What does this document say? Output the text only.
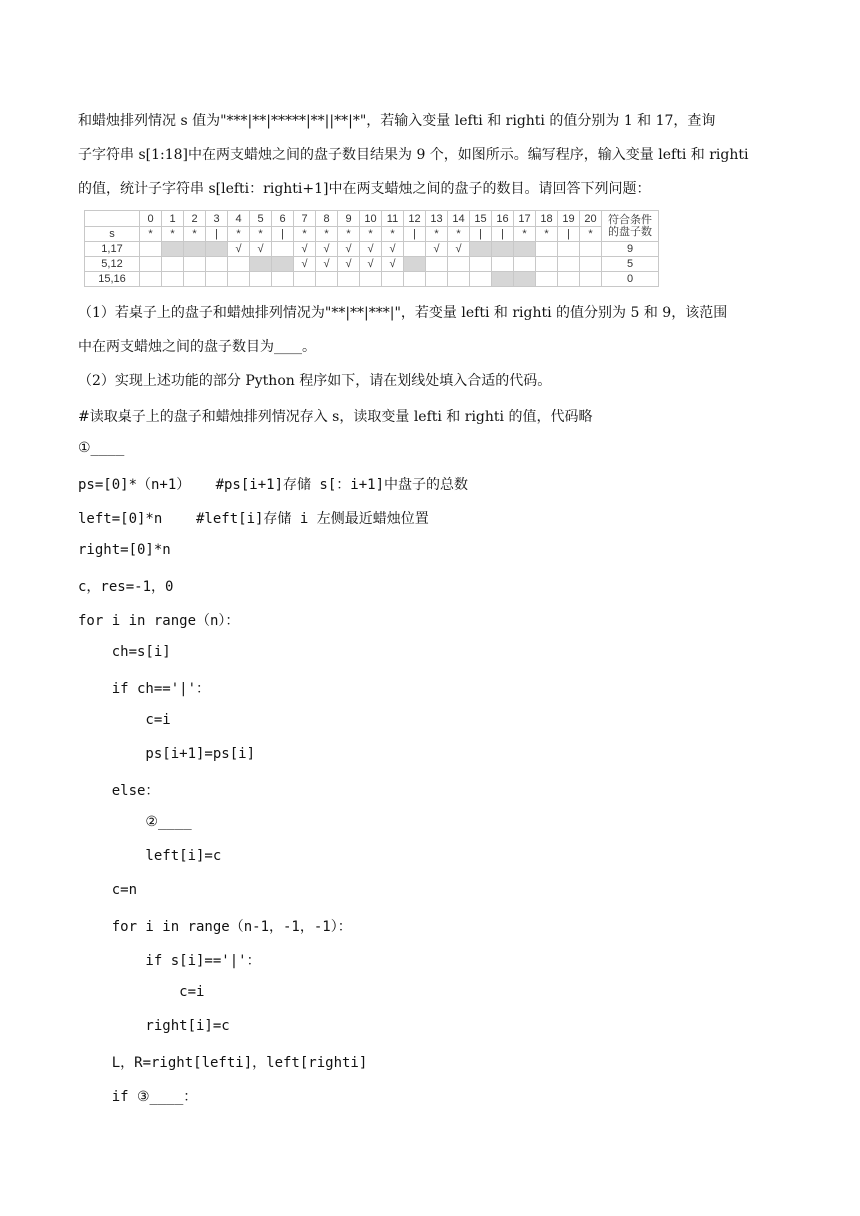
和蜡烛排列情况 s 值为"***|**|*****|**||**|*"，若输入变量 lefti 和 righti 的值分别为 1 和 17，查询
子字符串 s[1:18]中在两支蜡烛之间的盘子数目结果为 9 个，如图所示。编写程序，输入变量 lefti 和 righti
的值，统计子字符串 s[lefti：righti+1]中在两支蜡烛之间的盘子的数目。请回答下列问题：
	0	1	2	3	4	5	6	7	8	9	10	11	12	13	14	15	16	17	18	19	20	符合条件
的盘子数

s	*	*	*	|	*	*	|	*	*	*	*	*	|	*	*	|	|	*	*	|	*	
1,17					√	√		√	√	√	√	√		√	√							9
5,12								√	√	√	√	√										5
15,16																						0
（1）若桌子上的盘子和蜡烛排列情况为"**|**|***|"，若变量 lefti 和 righti 的值分别为 5 和 9，该范围
中在两支蜡烛之间的盘子数目为____。
（2）实现上述功能的部分 Python 程序如下，请在划线处填入合适的代码。
#读取桌子上的盘子和蜡烛排列情况存入 s，读取变量 lefti 和 righti 的值，代码略
①____
ps=[0]*（n+1）   #ps[i+1]存储 s[：i+1]中盘子的总数
left=[0]*n    #left[i]存储 i 左侧最近蜡烛位置
right=[0]*n
c，res=-1，0
for i in range（n）：
ch=s[i]
if ch=='|'：
c=i
ps[i+1]=ps[i]
else：
②____
left[i]=c
c=n
for i in range（n-1，-1，-1）：
if s[i]=='|'：
c=i
right[i]=c
L，R=right[lefti]，left[righti]
if ③____：
